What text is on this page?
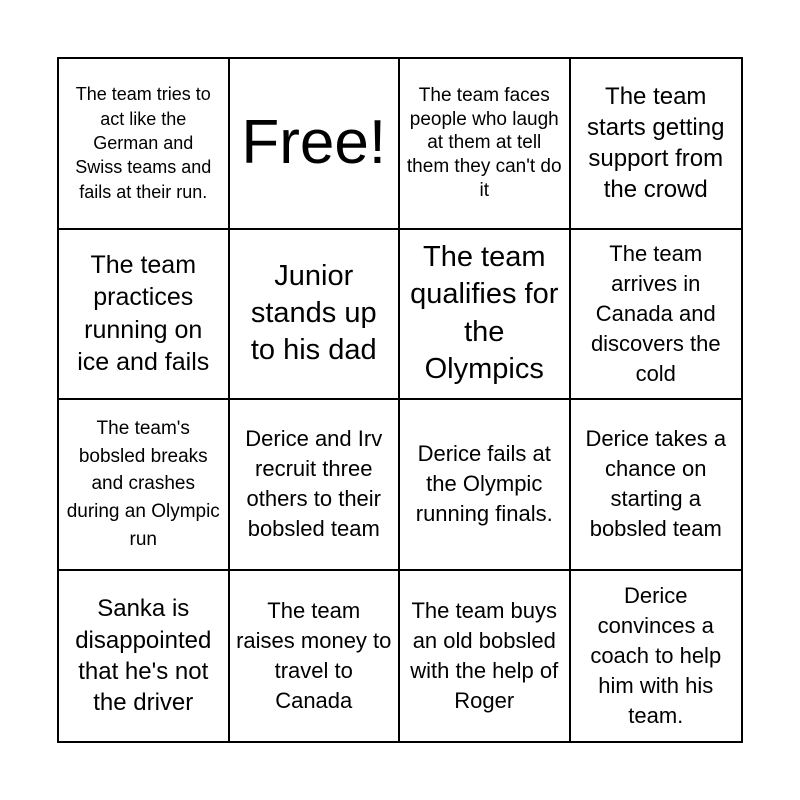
The team tries to act like the German and Swiss teams and fails at their run.
Free!
The team faces people who laugh at them at tell them they can't do it
The team starts getting support from the crowd
The team practices running on ice and fails
Junior stands up to his dad
The team qualifies for the Olympics
The team arrives in Canada and discovers the cold
The team's bobsled breaks and crashes during an Olympic run
Derice and Irv recruit three others to their bobsled team
Derice fails at the Olympic running finals.
Derice takes a chance on starting a bobsled team
Sanka is disappointed that he's not the driver
The team raises money to travel to Canada
The team buys an old bobsled with the help of Roger
Derice convinces a coach to help him with his team.
